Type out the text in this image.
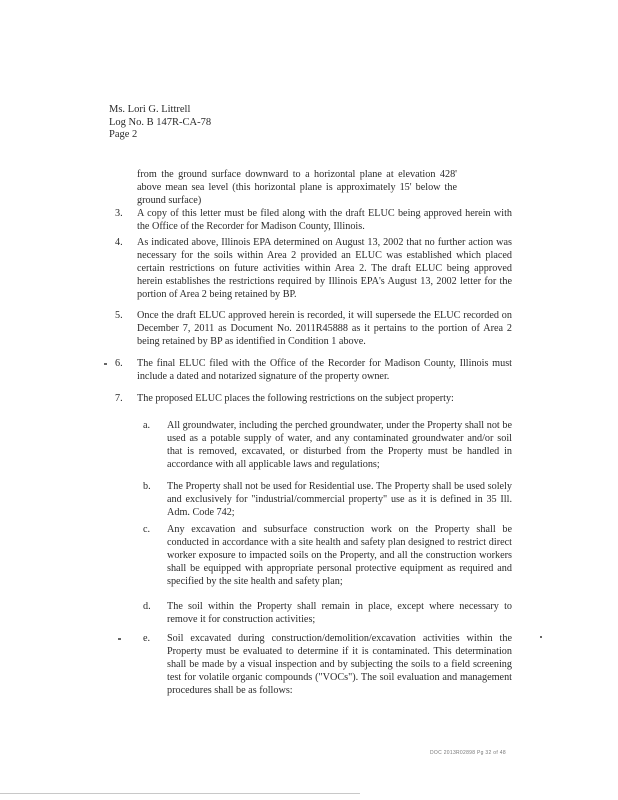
Ms. Lori G. Littrell
Log No. B 147R-CA-78
Page 2
from the ground surface downward to a horizontal plane at elevation 428' above mean sea level (this horizontal plane is approximately 15' below the ground surface)
3. A copy of this letter must be filed along with the draft ELUC being approved herein with the Office of the Recorder for Madison County, Illinois.
4. As indicated above, Illinois EPA determined on August 13, 2002 that no further action was necessary for the soils within Area 2 provided an ELUC was established which placed certain restrictions on future activities within Area 2. The draft ELUC being approved herein establishes the restrictions required by Illinois EPA's August 13, 2002 letter for the portion of Area 2 being retained by BP.
5. Once the draft ELUC approved herein is recorded, it will supersede the ELUC recorded on December 7, 2011 as Document No. 2011R45888 as it pertains to the portion of Area 2 being retained by BP as identified in Condition 1 above.
6. The final ELUC filed with the Office of the Recorder for Madison County, Illinois must include a dated and notarized signature of the property owner.
7. The proposed ELUC places the following restrictions on the subject property:
a. All groundwater, including the perched groundwater, under the Property shall not be used as a potable supply of water, and any contaminated groundwater and/or soil that is removed, excavated, or disturbed from the Property must be handled in accordance with all applicable laws and regulations;
b. The Property shall not be used for Residential use. The Property shall be used solely and exclusively for "industrial/commercial property" use as it is defined in 35 Ill. Adm. Code 742;
c. Any excavation and subsurface construction work on the Property shall be conducted in accordance with a site health and safety plan designed to restrict direct worker exposure to impacted soils on the Property, and all the construction workers shall be equipped with appropriate personal protective equipment as required and specified by the site health and safety plan;
d. The soil within the Property shall remain in place, except where necessary to remove it for construction activities;
e. Soil excavated during construction/demolition/excavation activities within the Property must be evaluated to determine if it is contaminated. This determination shall be made by a visual inspection and by subjecting the soils to a field screening test for volatile organic compounds ("VOCs"). The soil evaluation and management procedures shall be as follows:
DOC 2013R02898 Pg 32 of 48
